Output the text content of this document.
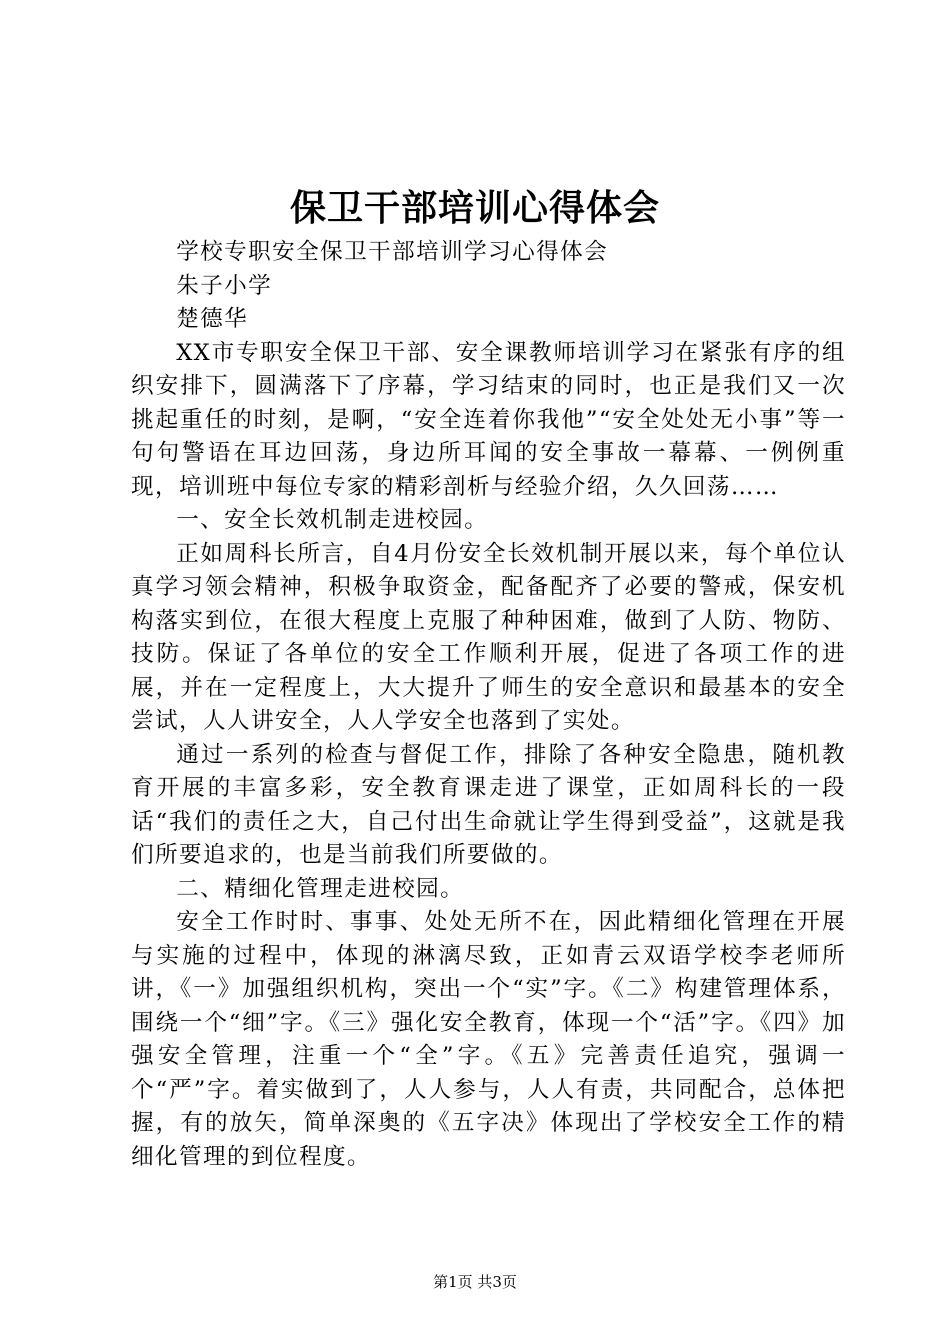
保卫干部培训心得体会

学校专职安全保卫干部培训学习心得体会

朱子小学

楚德华

XX市专职安全保卫干部、安全课教师培训学习在紧张有序的组织安排下，圆满落下了序幕，学习结束的同时，也正是我们又一次挑起重任的时刻，是啊，“安全连着你我他”“安全处处无小事”等一句句警语在耳边回荡，身边所耳闻的安全事故一幕幕、一例例重现，培训班中每位专家的精彩剖析与经验介绍，久久回荡……

一、安全长效机制走进校园。

正如周科长所言，自4月份安全长效机制开展以来，每个单位认真学习领会精神，积极争取资金，配备配齐了必要的警戒，保安机构落实到位，在很大程度上克服了种种困难，做到了人防、物防、技防。保证了各单位的安全工作顺利开展，促进了各项工作的进展，并在一定程度上，大大提升了师生的安全意识和最基本的安全尝试，人人讲安全，人人学安全也落到了实处。

通过一系列的检查与督促工作，排除了各种安全隐患，随机教育开展的丰富多彩，安全教育课走进了课堂，正如周科长的一段话“我们的责任之大，自己付出生命就让学生得到受益”，这就是我们所要追求的，也是当前我们所要做的。

二、精细化管理走进校园。

安全工作时时、事事、处处无所不在，因此精细化管理在开展与实施的过程中，体现的淋漓尽致，正如青云双语学校李老师所讲，《一》加强组织机构，突出一个“实”字。《二》构建管理体系，围绕一个“细”字。《三》强化安全教育，体现一个“活”字。《四》加强安全管理，注重一个“全”字。《五》完善责任追究，强调一个“严”字。着实做到了，人人参与，人人有责，共同配合，总体把握，有的放矢，简单深奥的《五字决》体现出了学校安全工作的精细化管理的到位程度。

第1页 共3页
